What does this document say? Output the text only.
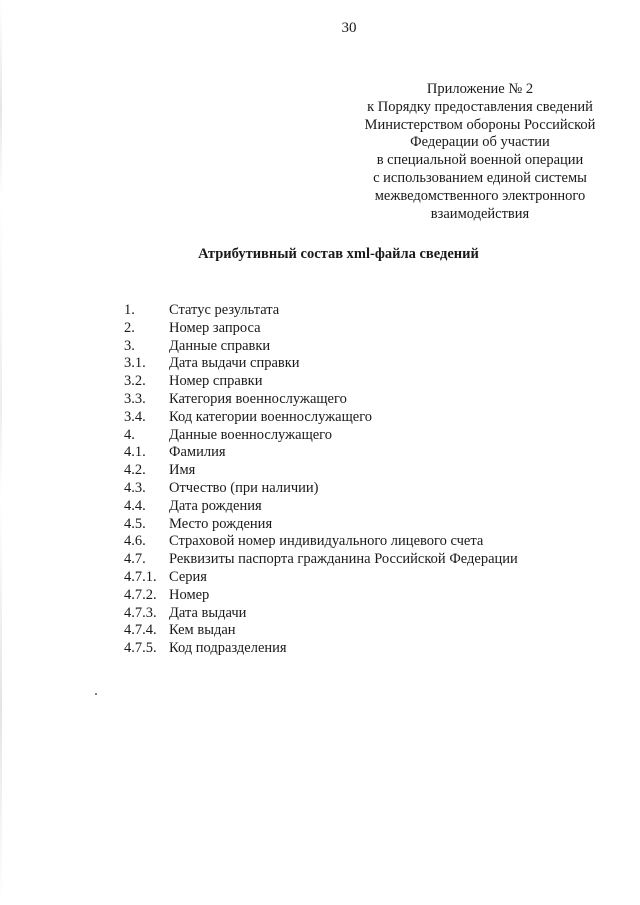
30
Приложение № 2
к Порядку предоставления сведений
Министерством обороны Российской
Федерации об участии
в специальной военной операции
с использованием единой системы
межведомственного электронного
взаимодействия
Атрибутивный состав xml-файла сведений
1.	Статус результата
2.	Номер запроса
3.	Данные справки
3.1.	Дата выдачи справки
3.2.	Номер справки
3.3.	Категория военнослужащего
3.4.	Код категории военнослужащего
4.	Данные военнослужащего
4.1.	Фамилия
4.2.	Имя
4.3.	Отчество (при наличии)
4.4.	Дата рождения
4.5.	Место рождения
4.6.	Страховой номер индивидуального лицевого счета
4.7.	Реквизиты паспорта гражданина Российской Федерации
4.7.1. Серия
4.7.2. Номер
4.7.3. Дата выдачи
4.7.4. Кем выдан
4.7.5. Код подразделения
